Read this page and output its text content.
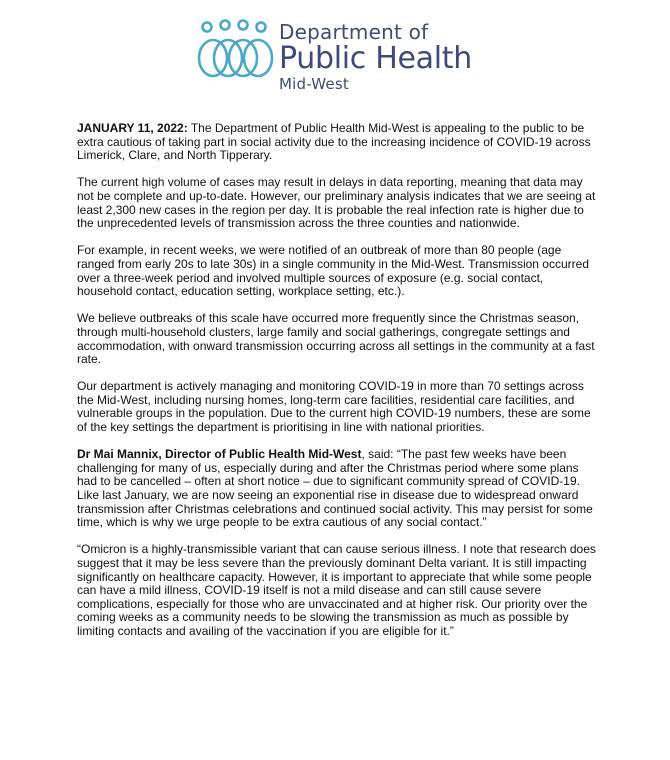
Department of
Public Health
Mid-West

JANUARY 11, 2022: The Department of Public Health Mid-West is appealing to the public to be extra cautious of taking part in social activity due to the increasing incidence of COVID-19 across Limerick, Clare, and North Tipperary.

The current high volume of cases may result in delays in data reporting, meaning that data may not be complete and up-to-date. However, our preliminary analysis indicates that we are seeing at least 2,300 new cases in the region per day. It is probable the real infection rate is higher due to the unprecedented levels of transmission across the three counties and nationwide.

For example, in recent weeks, we were notified of an outbreak of more than 80 people (age ranged from early 20s to late 30s) in a single community in the Mid-West. Transmission occurred over a three-week period and involved multiple sources of exposure (e.g. social contact, household contact, education setting, workplace setting, etc.).

We believe outbreaks of this scale have occurred more frequently since the Christmas season, through multi-household clusters, large family and social gatherings, congregate settings and accommodation, with onward transmission occurring across all settings in the community at a fast rate.

Our department is actively managing and monitoring COVID-19 in more than 70 settings across the Mid-West, including nursing homes, long-term care facilities, residential care facilities, and vulnerable groups in the population. Due to the current high COVID-19 numbers, these are some of the key settings the department is prioritising in line with national priorities.

Dr Mai Mannix, Director of Public Health Mid-West, said: “The past few weeks have been challenging for many of us, especially during and after the Christmas period where some plans had to be cancelled – often at short notice – due to significant community spread of COVID-19. Like last January, we are now seeing an exponential rise in disease due to widespread onward transmission after Christmas celebrations and continued social activity. This may persist for some time, which is why we urge people to be extra cautious of any social contact.”

“Omicron is a highly-transmissible variant that can cause serious illness. I note that research does suggest that it may be less severe than the previously dominant Delta variant. It is still impacting significantly on healthcare capacity. However, it is important to appreciate that while some people can have a mild illness, COVID-19 itself is not a mild disease and can still cause severe complications, especially for those who are unvaccinated and at higher risk. Our priority over the coming weeks as a community needs to be slowing the transmission as much as possible by limiting contacts and availing of the vaccination if you are eligible for it.”
